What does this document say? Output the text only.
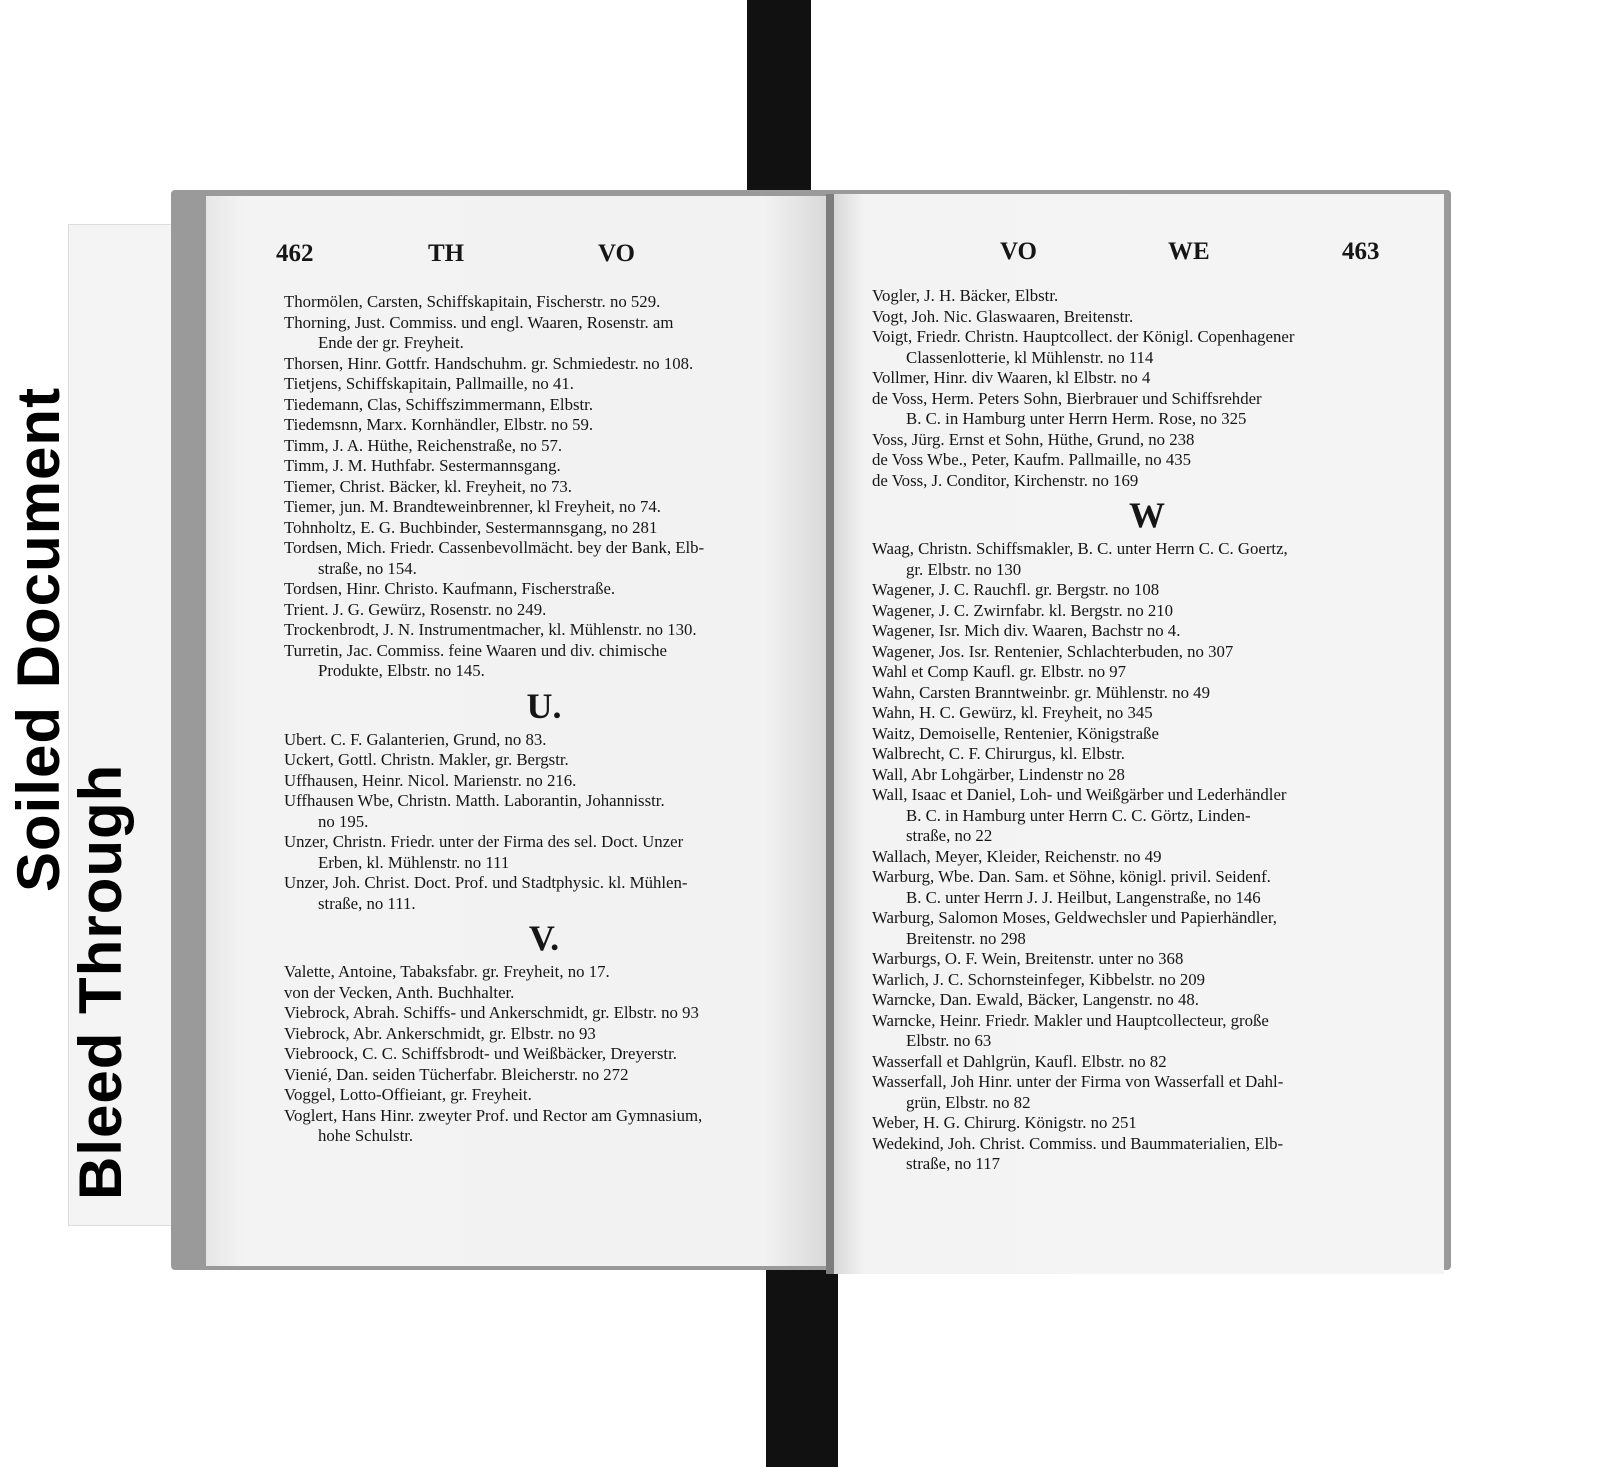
Soiled Document
Bleed Through
462	TH	VO
Thormölen, Carsten, Schiffskapitain, Fischerstr. no 529.
Thorning, Just. Commiss. und engl. Waaren, Rosenstr. am
Ende der gr. Freyheit.
Thorsen, Hinr. Gottfr. Handschuhm. gr. Schmiedestr. no 108.
Tietjens, Schiffskapitain, Pallmaille, no 41.
Tiedemann, Clas, Schiffszimmermann, Elbstr.
Tiedemsnn, Marx. Kornhändler, Elbstr. no 59.
Timm, J. A. Hüthe, Reichenstraße, no 57.
Timm, J. M. Huthfabr. Sestermannsgang.
Tiemer, Christ. Bäcker, kl. Freyheit, no 73.
Tiemer, jun. M. Brandteweinbrenner, kl Freyheit, no 74.
Tohnholtz, E. G. Buchbinder, Sestermannsgang, no 281
Tordsen, Mich. Friedr. Cassenbevollmächt. bey der Bank, Elb-
straße, no 154.
Tordsen, Hinr. Christo. Kaufmann, Fischerstraße.
Trient. J. G. Gewürz, Rosenstr. no 249.
Trockenbrodt, J. N. Instrumentmacher, kl. Mühlenstr. no 130.
Turretin, Jac. Commiss. feine Waaren und div. chimische
Produkte, Elbstr. no 145.
U.
Ubert. C. F. Galanterien, Grund, no 83.
Uckert, Gottl. Christn. Makler, gr. Bergstr.
Uffhausen, Heinr. Nicol. Marienstr. no 216.
Uffhausen Wbe, Christn. Matth. Laborantin, Johannisstr.
no 195.
Unzer, Christn. Friedr. unter der Firma des sel. Doct. Unzer
Erben, kl. Mühlenstr. no 111
Unzer, Joh. Christ. Doct. Prof. und Stadtphysic. kl. Mühlen-
straße, no 111.
V.
Valette, Antoine, Tabaksfabr. gr. Freyheit, no 17.
von der Vecken, Anth. Buchhalter.
Viebrock, Abrah. Schiffs- und Ankerschmidt, gr. Elbstr. no 93
Viebrock, Abr. Ankerschmidt, gr. Elbstr. no 93
Viebroock, C. C. Schiffsbrodt- und Weißbäcker, Dreyerstr.
Vienié, Dan. seiden Tücherfabr. Bleicherstr. no 272
Voggel, Lotto-Offieiant, gr. Freyheit.
Voglert, Hans Hinr. zweyter Prof. und Rector am Gymnasium,
hohe Schulstr.
VO	WE	463
Vogler, J. H. Bäcker, Elbstr.
Vogt, Joh. Nic. Glaswaaren, Breitenstr.
Voigt, Friedr. Christn. Hauptcollect. der Königl. Copenhagener
Classenlotterie, kl Mühlenstr. no 114
Vollmer, Hinr. div Waaren, kl Elbstr. no 4
de Voss, Herm. Peters Sohn, Bierbrauer und Schiffsrehder
B. C. in Hamburg unter Herrn Herm. Rose, no 325
Voss, Jürg. Ernst et Sohn, Hüthe, Grund, no 238
de Voss Wbe., Peter, Kaufm. Pallmaille, no 435
de Voss, J. Conditor, Kirchenstr. no 169
W
Waag, Christn. Schiffsmakler, B. C. unter Herrn C. C. Goertz,
gr. Elbstr. no 130
Wagener, J. C. Rauchfl. gr. Bergstr. no 108
Wagener, J. C. Zwirnfabr. kl. Bergstr. no 210
Wagener, Isr. Mich div. Waaren, Bachstr no 4.
Wagener, Jos. Isr. Rentenier, Schlachterbuden, no 307
Wahl et Comp Kaufl. gr. Elbstr. no 97
Wahn, Carsten Branntweinbr. gr. Mühlenstr. no 49
Wahn, H. C. Gewürz, kl. Freyheit, no 345
Waitz, Demoiselle, Rentenier, Königstraße
Walbrecht, C. F. Chirurgus, kl. Elbstr.
Wall, Abr Lohgärber, Lindenstr no 28
Wall, Isaac et Daniel, Loh- und Weißgärber und Lederhändler
B. C. in Hamburg unter Herrn C. C. Görtz, Linden-
straße, no 22
Wallach, Meyer, Kleider, Reichenstr. no 49
Warburg, Wbe. Dan. Sam. et Söhne, königl. privil. Seidenf.
B. C. unter Herrn J. J. Heilbut, Langenstraße, no 146
Warburg, Salomon Moses, Geldwechsler und Papierhändler,
Breitenstr. no 298
Warburgs, O. F. Wein, Breitenstr. unter no 368
Warlich, J. C. Schornsteinfeger, Kibbelstr. no 209
Warncke, Dan. Ewald, Bäcker, Langenstr. no 48.
Warncke, Heinr. Friedr. Makler und Hauptcollecteur, große
Elbstr. no 63
Wasserfall et Dahlgrün, Kaufl. Elbstr. no 82
Wasserfall, Joh Hinr. unter der Firma von Wasserfall et Dahl-
grün, Elbstr. no 82
Weber, H. G. Chirurg. Königstr. no 251
Wedekind, Joh. Christ. Commiss. und Baummaterialien, Elb-
straße, no 117
